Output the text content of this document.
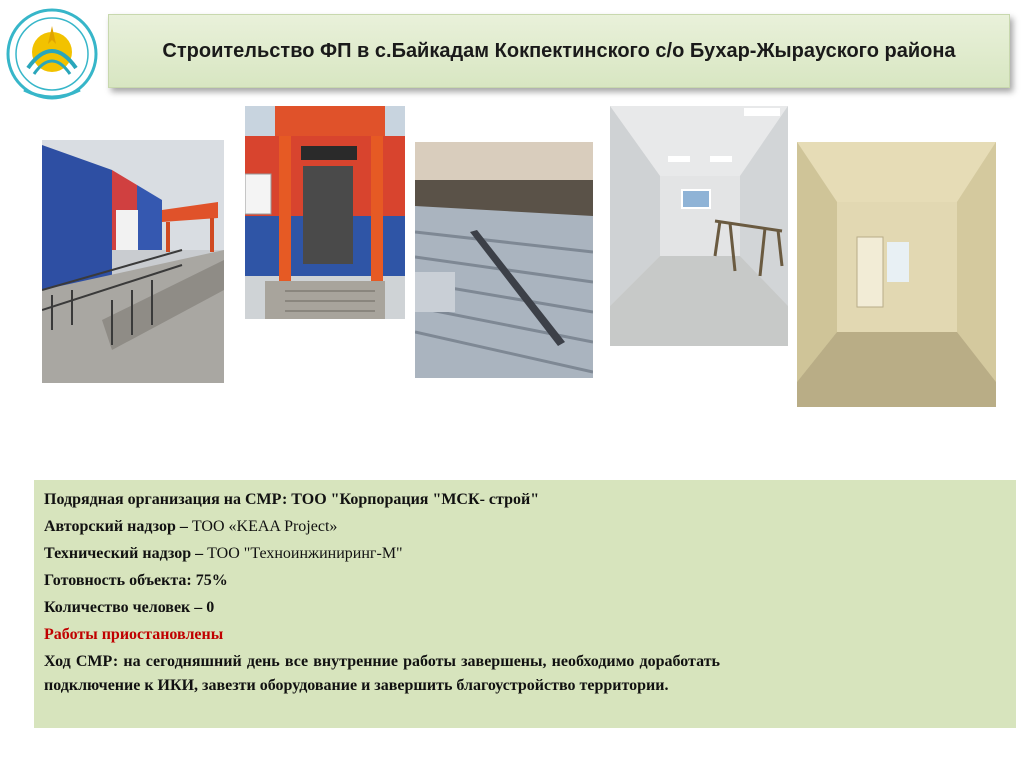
Строительство ФП в с.Байкадам Кокпектинского с/о Бухар-Жырауского района
Подрядная организация на СМР: ТОО "Корпорация "МСК- строй"
Авторский надзор – ТОО «KEAA Project»
Технический надзор – ТОО "Техноинжиниринг-М"
Готовность объекта: 75%
Количество человек – 0
Работы приостановлены
Ход СМР: на сегодняшний день все внутренние работы завершены, необходимо доработать подключение к ИКИ, завезти оборудование и завершить благоустройство территории.
